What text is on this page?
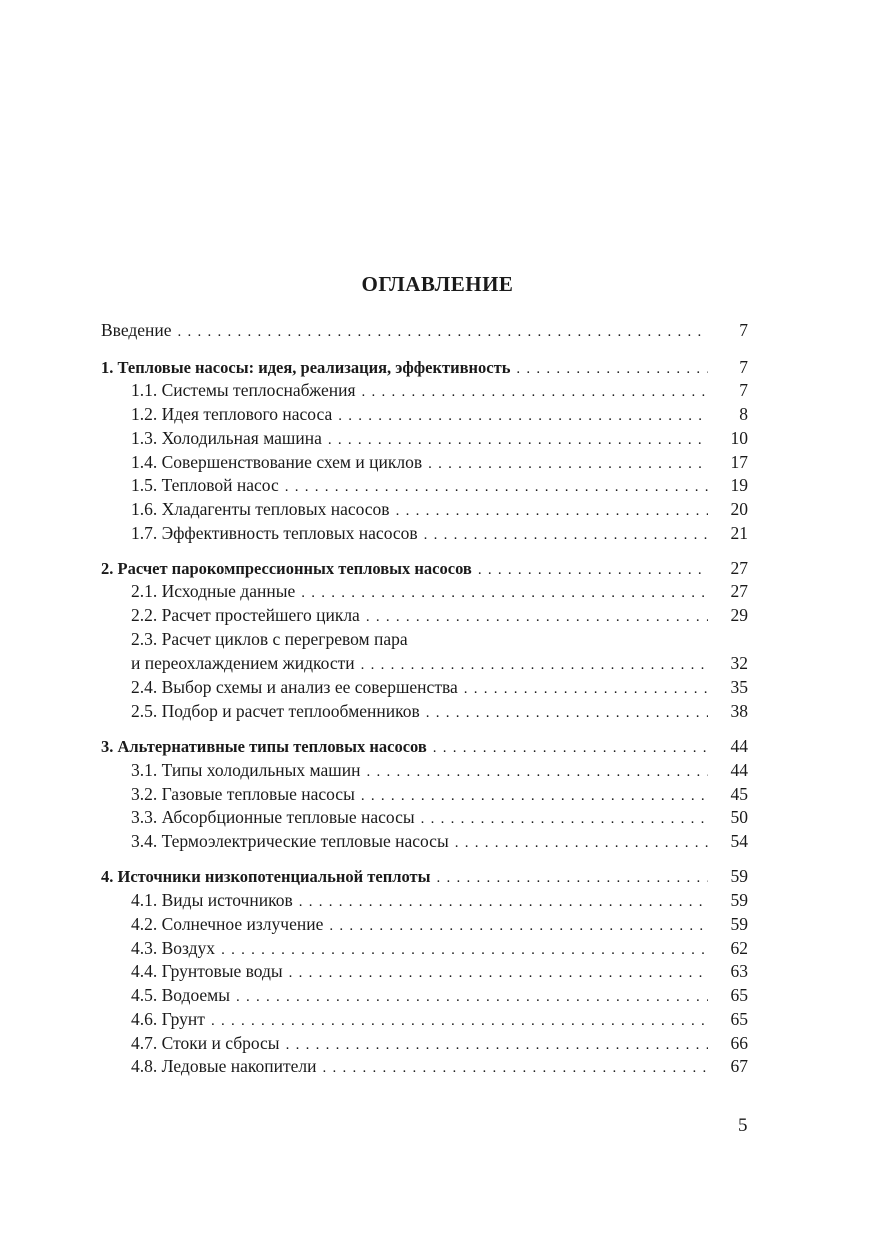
ОГЛАВЛЕНИЕ
Введение . . .	7
1. Тепловые насосы: идея, реализация, эффективность . . .	7
1.1. Системы теплоснабжения . . .	7
1.2. Идея теплового насоса . . .	8
1.3. Холодильная машина . . .	10
1.4. Совершенствование схем и циклов . . .	17
1.5. Тепловой насос . . .	19
1.6. Хладагенты тепловых насосов . . .	20
1.7. Эффективность тепловых насосов . . .	21
2. Расчет парокомпрессионных тепловых насосов . . .	27
2.1. Исходные данные . . .	27
2.2. Расчет простейшего цикла . . .	29
2.3. Расчет циклов с перегревом пара
и переохлаждением жидкости . . .	32
2.4. Выбор схемы и анализ ее совершенства . . .	35
2.5. Подбор и расчет теплообменников . . .	38
3. Альтернативные типы тепловых насосов . . .	44
3.1. Типы холодильных машин . . .	44
3.2. Газовые тепловые насосы . . .	45
3.3. Абсорбционные тепловые насосы . . .	50
3.4. Термоэлектрические тепловые насосы . . .	54
4. Источники низкопотенциальной теплоты . . .	59
4.1. Виды источников . . .	59
4.2. Солнечное излучение . . .	59
4.3. Воздух . . .	62
4.4. Грунтовые воды . . .	63
4.5. Водоемы . . .	65
4.6. Грунт . . .	65
4.7. Стоки и сбросы . . .	66
4.8. Ледовые накопители . . .	67
5
